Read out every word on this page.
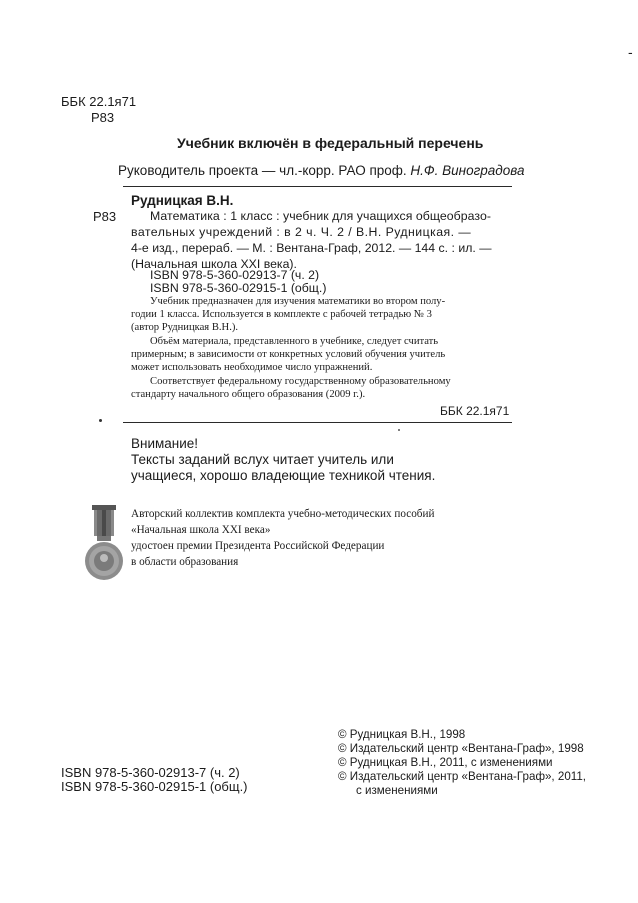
-
ББК 22.1я71
Р83
Учебник включён в федеральный перечень
Руководитель проекта — чл.-корр. РАО проф. Н.Ф. Виноградова
Рудницкая В.Н.
Р83	Математика : 1 класс : учебник для учащихся общеобразо-
вательных учреждений : в 2 ч. Ч. 2 / В.Н. Рудницкая. —
4-е изд., перераб. — М. : Вентана-Граф, 2012. — 144 с. : ил. —
(Начальная школа XXI века).
ISBN 978-5-360-02913-7 (ч. 2)
ISBN 978-5-360-02915-1 (общ.)
Учебник предназначен для изучения математики во втором полу-
годии 1 класса. Используется в комплекте с рабочей тетрадью № 3
(автор Рудницкая В.Н.).
Объём материала, представленного в учебнике, следует считать
примерным; в зависимости от конкретных условий обучения учитель
может использовать необходимое число упражнений.
Соответствует федеральному государственному образовательному
стандарту начального общего образования (2009 г.).
ББК 22.1я71
Внимание!
Тексты заданий вслух читает учитель или
учащиеся, хорошо владеющие техникой чтения.
Авторский коллектив комплекта учебно-методических пособий
«Начальная школа XXI века»
удостоен премии Президента Российской Федерации
в области образования
© Рудницкая В.Н., 1998
© Издательский центр «Вентана-Граф», 1998
© Рудницкая В.Н., 2011, с изменениями
© Издательский центр «Вентана-Граф», 2011,
с изменениями
ISBN 978-5-360-02913-7 (ч. 2)
ISBN 978-5-360-02915-1 (общ.)
